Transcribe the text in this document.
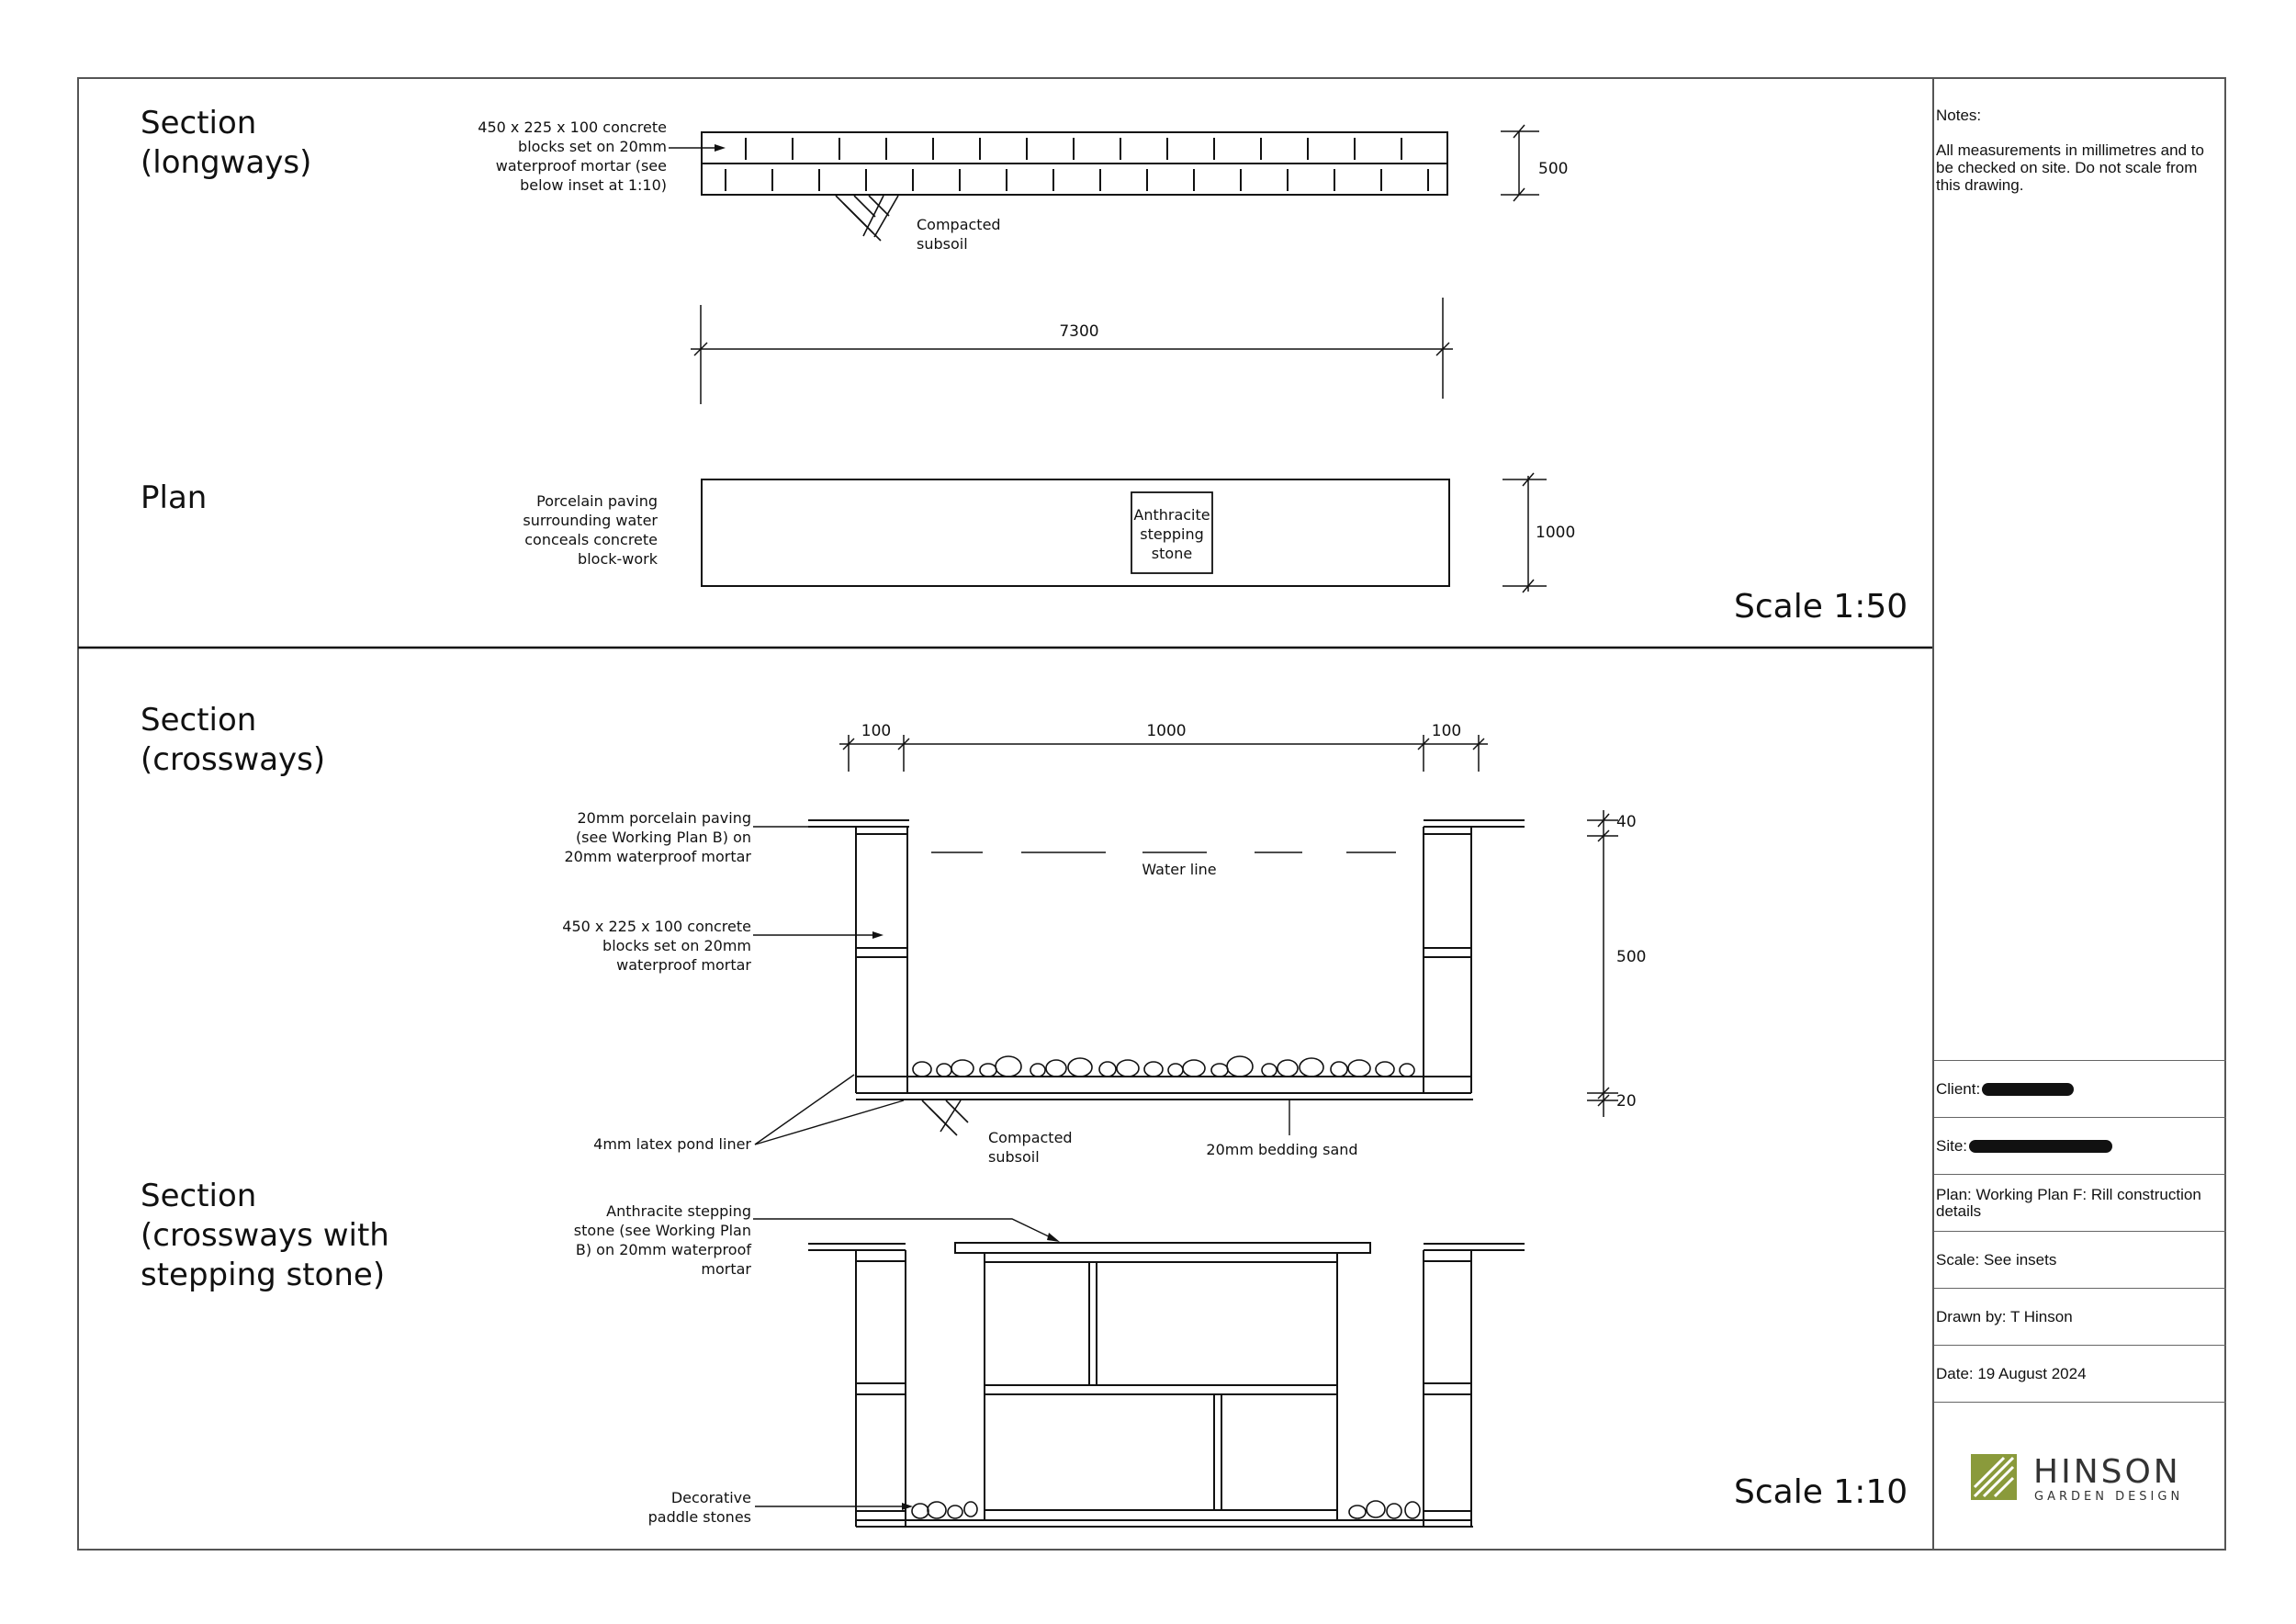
Section
(longways)
Plan
Section
(crossways)
Section
(crossways with
stepping stone)
Scale 1:50
Scale 1:10
450 x 225 x 100 concrete
blocks set on 20mm
waterproof mortar (see
below inset at 1:10)
Compacted
subsoil
500
7300
Anthracite
stepping
stone
Porcelain paving
surrounding water
conceals concrete
block-work
1000
100	1000	100
Water line
20mm porcelain paving
(see Working Plan B) on
20mm waterproof mortar
450 x 225 x 100 concrete
blocks set on 20mm
waterproof mortar
4mm latex pond liner	Compacted
subsoil	20mm bedding sand
40
500
20
Anthracite stepping
stone (see Working Plan
B) on 20mm waterproof
mortar
Decorative
paddle stones

Notes:

All measurements in millimetres and to be checked on site. Do not scale from this drawing.

Client:
Site:
Plan: Working Plan F: Rill construction details
Scale: See insets
Drawn by: T Hinson
Date: 19 August 2024
HINSON
GARDEN DESIGN
